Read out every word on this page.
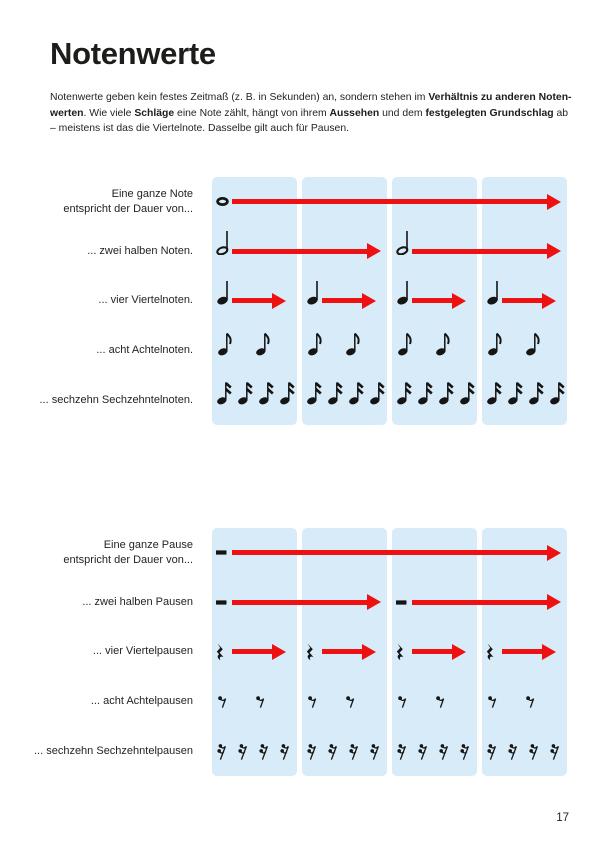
Notenwerte

Notenwerte geben kein festes Zeitmaß (z. B. in Sekunden) an, sondern stehen im Verhältnis zu anderen Noten-
werten. Wie viele Schläge eine Note zählt, hängt von ihrem Aussehen und dem festgelegten Grundschlag ab
– meistens ist das die Viertelnote. Dasselbe gilt auch für Pausen.

Eine ganze Note
entspricht der Dauer von...
... zwei halben Noten.
... vier Viertelnoten.
... acht Achtelnoten.
... sechzehn Sechzehntelnoten.
Eine ganze Pause
entspricht der Dauer von...
... zwei halben Pausen
... vier Viertelpausen
... acht Achtelpausen
... sechzehn Sechzehntelpausen
17
